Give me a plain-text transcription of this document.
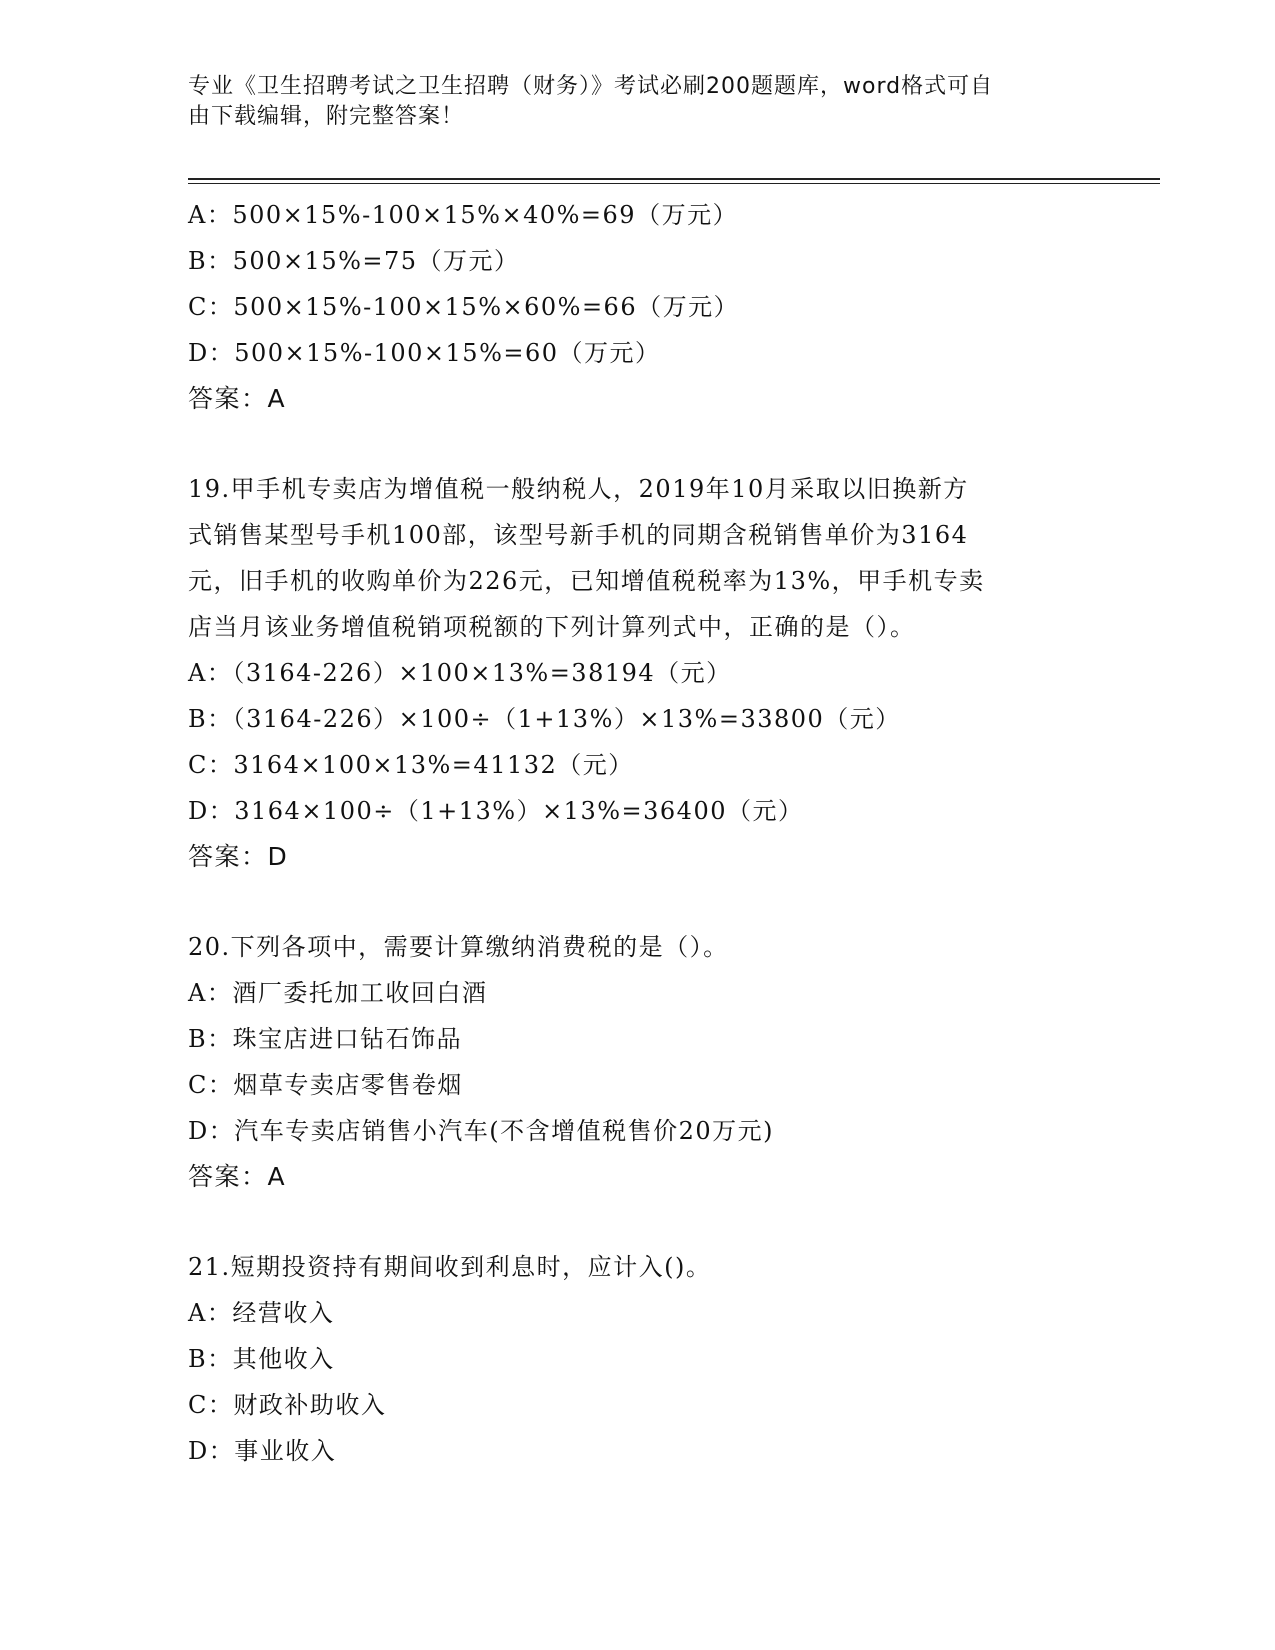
专业《卫生招聘考试之卫生招聘（财务）》考试必刷200题题库，word格式可自

由下载编辑，附完整答案！

A：500×15%-100×15%×40%=69（万元）
B：500×15%=75（万元）
C：500×15%-100×15%×60%=66（万元）
D：500×15%-100×15%=60（万元）
答案：A
19.甲手机专卖店为增值税一般纳税人，2019年10月采取以旧换新方
式销售某型号手机100部，该型号新手机的同期含税销售单价为3164
元，旧手机的收购单价为226元，已知增值税税率为13%，甲手机专卖
店当月该业务增值税销项税额的下列计算列式中，正确的是（）。
A：（3164-226）×100×13%=38194（元）
B：（3164-226）×100÷（1+13%）×13%=33800（元）
C：3164×100×13%=41132（元）
D：3164×100÷（1+13%）×13%=36400（元）
答案：D
20.下列各项中，需要计算缴纳消费税的是（）。
A：酒厂委托加工收回白酒
B：珠宝店进口钻石饰品
C：烟草专卖店零售卷烟
D：汽车专卖店销售小汽车(不含增值税售价20万元)
答案：A
21.短期投资持有期间收到利息时，应计入()。
A：经营收入
B：其他收入
C：财政补助收入
D：事业收入
